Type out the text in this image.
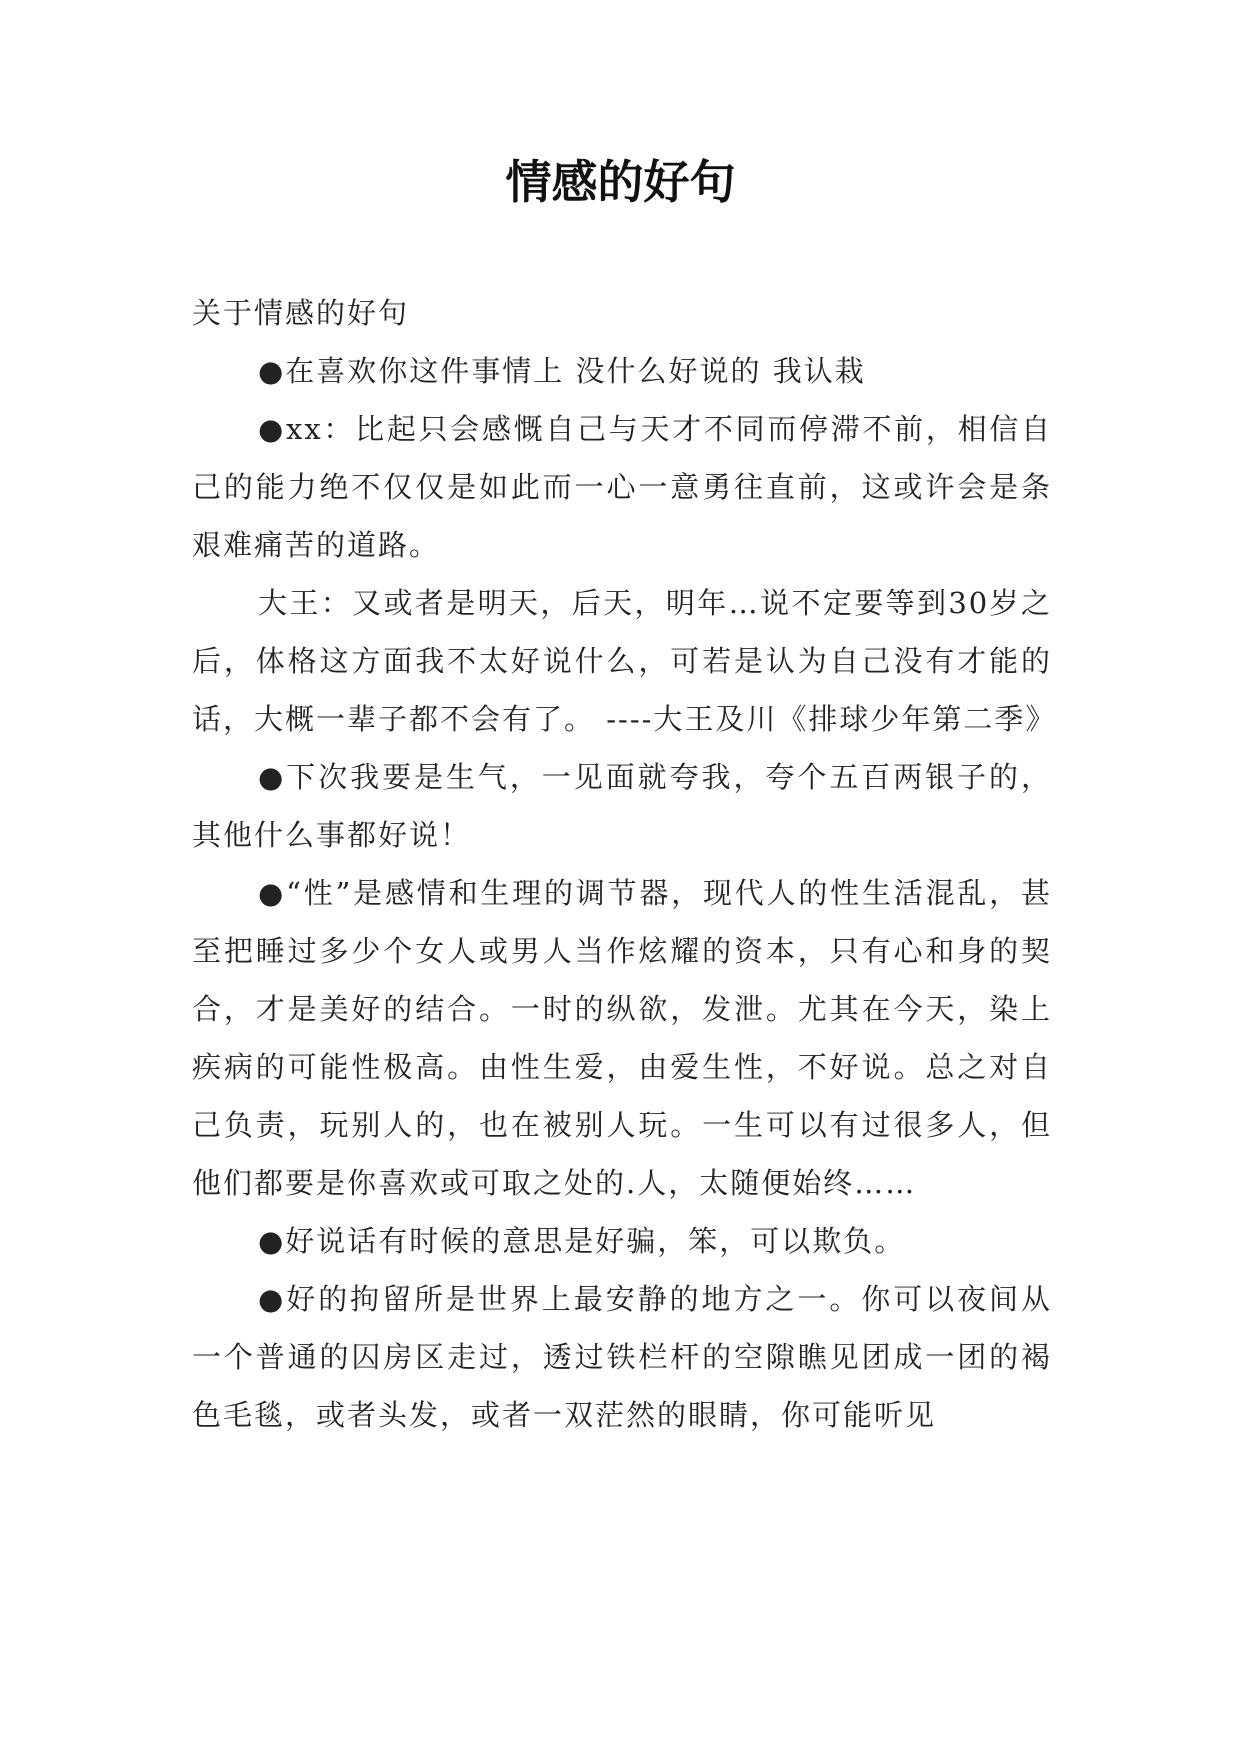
情感的好句

关于情感的好句

●在喜欢你这件事情上 没什么好说的 我认栽

●xx：比起只会感慨自己与天才不同而停滞不前，相信自己的能力绝不仅仅是如此而一心一意勇往直前，这或许会是条艰难痛苦的道路。

大王：又或者是明天，后天，明年…说不定要等到30岁之后，体格这方面我不太好说什么，可若是认为自己没有才能的话，大概一辈子都不会有了。 ----大王及川《排球少年第二季》

●下次我要是生气，一见面就夸我，夸个五百两银子的，其他什么事都好说！

●“性”是感情和生理的调节器，现代人的性生活混乱，甚至把睡过多少个女人或男人当作炫耀的资本，只有心和身的契合，才是美好的结合。一时的纵欲，发泄。尤其在今天，染上疾病的可能性极高。由性生爱，由爱生性，不好说。总之对自己负责，玩别人的，也在被别人玩。一生可以有过很多人，但他们都要是你喜欢或可取之处的.人，太随便始终……

●好说话有时候的意思是好骗，笨，可以欺负。

●好的拘留所是世界上最安静的地方之一。你可以夜间从一个普通的囚房区走过，透过铁栏杆的空隙瞧见团成一团的褐色毛毯，或者头发，或者一双茫然的眼睛，你可能听见
